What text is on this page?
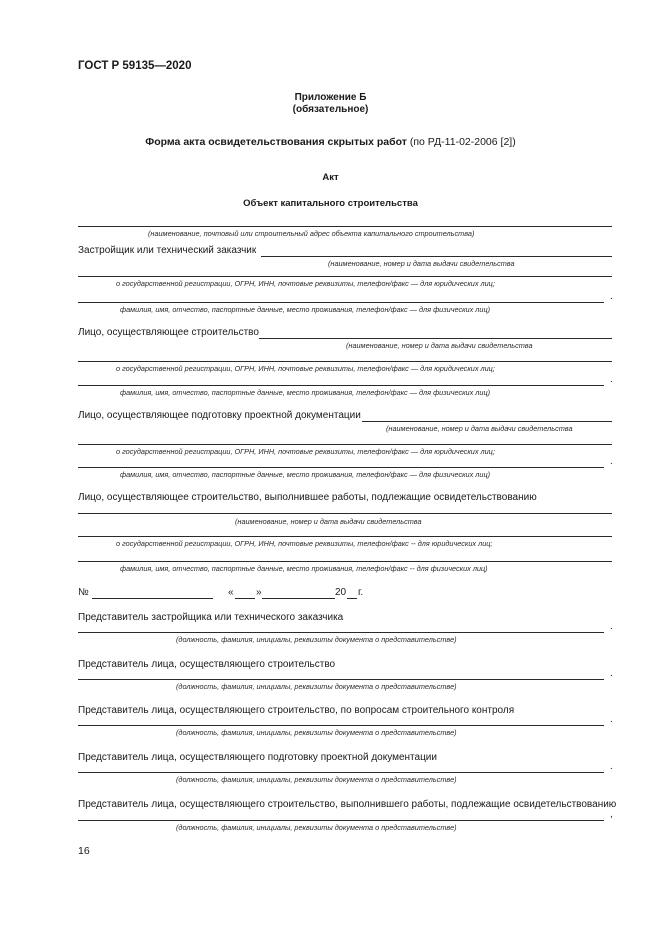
ГОСТ Р 59135—2020
Приложение Б
(обязательное)
Форма акта освидетельствования скрытых работ (по РД-11-02-2006 [2])
Акт
Объект капитального строительства
(наименование, почтовый или строительный адрес объекта капитального строительства)
Застройщик или технический заказчик
(наименование, номер и дата выдачи свидетельства
о государственной регистрации, ОГРН, ИНН, почтовые реквизиты, телефон/факс — для юридических лиц;
.
фамилия, имя, отчество, паспортные данные, место проживания, телефон/факс — для физических лиц)
Лицо, осуществляющее строительство
(наименование, номер и дата выдачи свидетельства
о государственной регистрации, ОГРН, ИНН, почтовые реквизиты, телефон/факс — для юридических лиц;
.
фамилия, имя, отчество, паспортные данные, место проживания, телефон/факс — для физических лиц)
Лицо, осуществляющее подготовку проектной документации
(наименование, номер и дата выдачи свидетельства
о государственной регистрации, ОГРН, ИНН, почтовые реквизиты, телефон/факс — для юридических лиц;
.
фамилия, имя, отчество, паспортные данные, место проживания, телефон/факс — для физических лиц)
Лицо, осуществляющее строительство, выполнившее работы, подлежащие освидетельствованию
(наименование, номер и дата выдачи свидетельства
о государственной регистрации, ОГРН, ИНН, почтовые реквизиты, телефон/факс -- для юридических лиц;
фамилия, имя, отчество, паспортные данные, место проживания, телефон/факс -- для физических лиц)
№	« »	20 г.
Представитель застройщика или технического заказчика
.
(должность, фамилия, инициалы, реквизиты документа о представительстве)
Представитель лица, осуществляющего строительство
.
(должность, фамилия, инициалы, реквизиты документа о представительстве)
Представитель лица, осуществляющего строительство, по вопросам строительного контроля
.
(должность, фамилия, инициалы, реквизиты документа о представительстве)
Представитель лица, осуществляющего подготовку проектной документации
.
(должность, фамилия, инициалы, реквизиты документа о представительстве)
Представитель лица, осуществляющего строительство, выполнившего работы, подлежащие освидетельствованию
,
(должность, фамилия, инициалы, реквизиты документа о представительстве)
16
